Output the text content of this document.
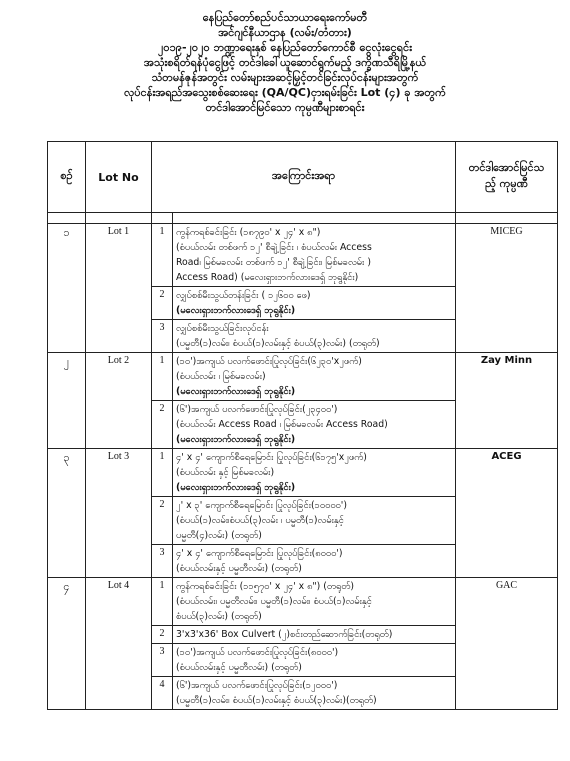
နေပြည်တော်စည်ပင်သာယာရေးကော်မတီ
အင်ဂျင်နီယာဌာန (လမ်း/တံတား)
၂၀၁၉-၂၀၂၀ ဘဏ္ဍာရေးနှစ် နေပြည်တော်ကောင်စီ ငွေလုံးငွေရင်း
အသုံးစရိတ်ရန်ပုံငွေဖြင့် တင်ဒါခေါ်ယူဆောင်ရွက်မည့် ဒက္ခိဏသီရိမြို့နယ်
သံတမန်ဇုန်အတွင်း လမ်းများအဆင့်မြှင့်တင်ခြင်းလုပ်ငန်းများအတွက်
လုပ်ငန်းအရည်အသွေးစစ်ဆေးရေး (QA/QC)ငှားရမ်းခြင်း Lot (၄) ခု အတွက်
တင်ဒါအောင်မြင်သော ကုမ္ပဏီများစာရင်း
စဉ်	Lot No	အကြောင်းအရာ		တင်ဒါအောင်မြင်သ
ည့် ကုမ္ပဏီ

၁	Lot 1	1	ကွန်ကရစ်ခင်းခြင်း (၁၈၇၉၀' x ၂၄' x ၈")
(စံပယ်လမ်း တစ်ဖက် ၁၂' စီချဲ့ခြင်း ၊ စံပယ်လမ်း Access
Road၊ မြစ်မခလမ်း တစ်ဖက် ၁၂' စီချဲ့ခြင်း၊ မြစ်မခလမ်း )
Access Road) (မလေးရှားဘက်လားဒေရှ် ဘုရွနိုင်း)	MICEG
		2	လျှပ်စစ်မီးသွယ်တန်းခြင်း ( ၁၂၆၀၀ ဖေ)
(မလေးရှားဘက်လားဒေရှ် ဘုရွနိုင်း)	

		3	လျှပ်စစ်မီးသွယ်ခြင်းလုပ်ငန်း
(ပမ္မတီ(၁)လမ်း၊ စံပယ်(၁)လမ်းနှင့် စံပယ်(၃)လမ်း) (တရုတ်)	

၂	Lot 2	1	(၁၀')အကျယ် ပလက်ဖောင်းပြုလုပ်ခြင်း(၆၂၃၀'x၂ဖက်)
(စံပယ်လမ်း ၊ မြစ်မခလမ်း)
(မလေးရှားဘက်လားဒေရှ် ဘုရွနိုင်း)	Zay Minn
		2	(၆')အကျယ် ပလက်ဖောင်းပြုလုပ်ခြင်း(၂၃၄၀၀')
(စံပယ်လမ်း Access Road ၊ မြစ်မခလမ်း Access Road)
(မလေးရှားဘက်လားဒေရှ် ဘုရွနိုင်း)	

၃	Lot 3	1	၄' x ၄' ကျောက်စီရေမြောင်း ပြုလုပ်ခြင်း(၆၁၇၅'x၂ဖက်)
(စံပယ်လမ်း နှင့် မြစ်မခလမ်း)
(မလေးရှားဘက်လားဒေရှ် ဘုရွနိုင်း)	ACEG
		2	၂' x ၃' ကျောက်စီရေမြောင်း ပြုလုပ်ခြင်း(၁၀၀၀၀')
(စံပယ်(၁)လမ်း၊စံပယ်(၃)လမ်း ၊ ပမ္မတီ(၁)လမ်းနှင့်
ပမ္မတီ(၄)လမ်း) (တရုတ်)	

		3	၄' x ၄' ကျောက်စီရေမြောင်း ပြုလုပ်ခြင်း(၈၀၀၀')
(စံပယ်လမ်းနှင့် ပမ္မတီလမ်း) (တရုတ်)	

၄	Lot 4	1	ကွန်ကရစ်ခင်းခြင်း (၁၁၅၇၀' x ၂၄' x ၈") (တရုတ်)
(စံပယ်လမ်း၊ ပမ္မတီလမ်း၊ ပမ္မတီ(၁)လမ်း၊ စံပယ်(၁)လမ်းနှင့်
စံပယ်(၃)လမ်း) (တရုတ်)	GAC
		2	3'x3'x36' Box Culvert (၂)စင်းတည်ဆောက်ခြင်း(တရုတ်)	

		3	(၁၀')အကျယ် ပလက်ဖောင်းပြုလုပ်ခြင်း(၈၀၀၀')
(စံပယ်လမ်းနှင့် ပမ္မတီလမ်း) (တရုတ်)	

		4	(၆')အကျယ် ပလက်ဖောင်းပြုလုပ်ခြင်း(၁၂၀၀၀')
(ပမ္မတီ(၁)လမ်း၊ စံပယ်(၁)လမ်းနှင့် စံပယ်(၃)လမ်း)(တရုတ်)	
